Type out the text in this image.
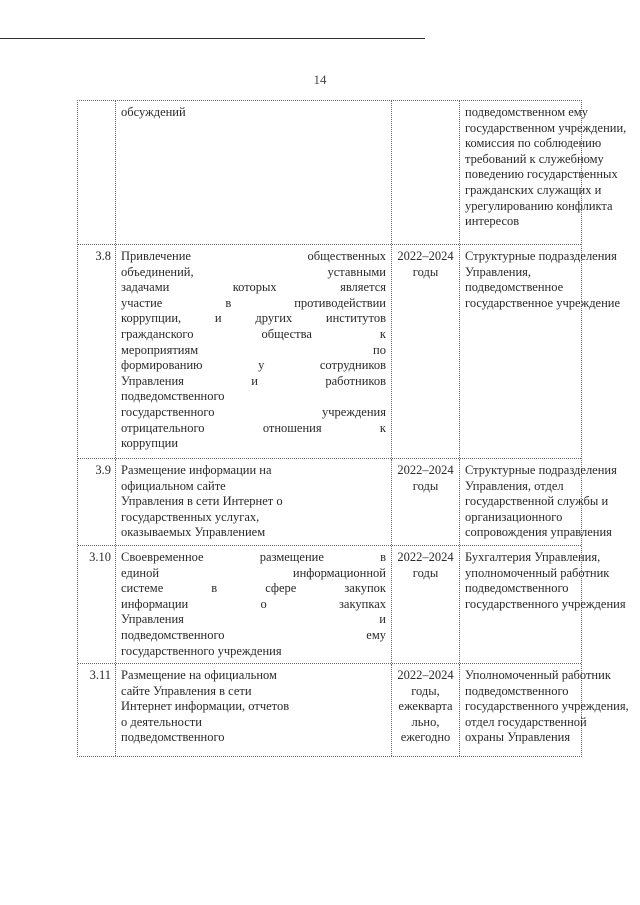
14
обсуждений	подведомственном ему
государственном учреждении,
комиссия по соблюдению
требований к служебному
поведению государственных
гражданских служащих и
урегулированию конфликта
интересов
3.8 Привлечение общественных
объединений, уставными
задачами которых является
участие в противодействии
коррупции, и других институтов
гражданского общества к
мероприятиям по
формированию у сотрудников
Управления и работников
подведомственного
государственного учреждения
отрицательного отношения к
коррупции
2022–2024
годы
Структурные подразделения
Управления,
подведомственное
государственное учреждение
3.9 Размещение информации на
официальном сайте
Управления в сети Интернет о
государственных услугах,
оказываемых Управлением
2022–2024
годы
Структурные подразделения
Управления, отдел
государственной службы и
организационного
сопровождения управления
3.10 Своевременное размещение в
единой информационной
системе в сфере закупок
информации о закупках
Управления и
подведомственного ему
государственного учреждения
2022–2024
годы
Бухгалтерия Управления,
уполномоченный работник
подведомственного
государственного учреждения
3.11 Размещение на официальном
сайте Управления в сети
Интернет информации, отчетов
о деятельности
подведомственного
2022–2024
годы,
ежекварта
льно,
ежегодно
Уполномоченный работник
подведомственного
государственного учреждения,
отдел государственной
охраны Управления
